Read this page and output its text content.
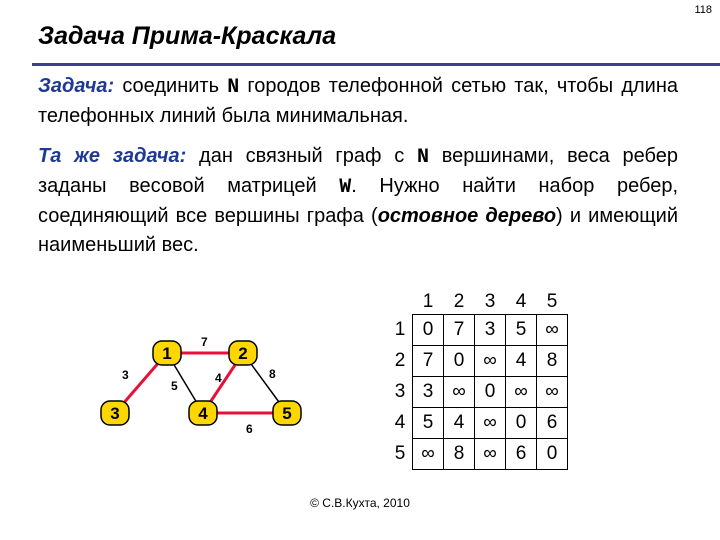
118
Задача Прима-Краскала
Задача: соединить N городов телефонной сетью так, чтобы длина телефонных линий была минимальная.
Та же задача: дан связный граф с N вершинами, веса ребер заданы весовой матрицей W. Нужно найти набор ребер, соединяющий все вершины графа (остовное дерево) и имеющий наименьший вес.
7
3
5
4	8
6
1	2
3	4	5
	1	2	3	4	5
1	0	7	3	5	∞
2	7	0	∞	4	8
3	3	∞	0	∞	∞
4	5	4	∞	0	6
5	∞	8	∞	6	0
© С.В.Кухта, 2010
